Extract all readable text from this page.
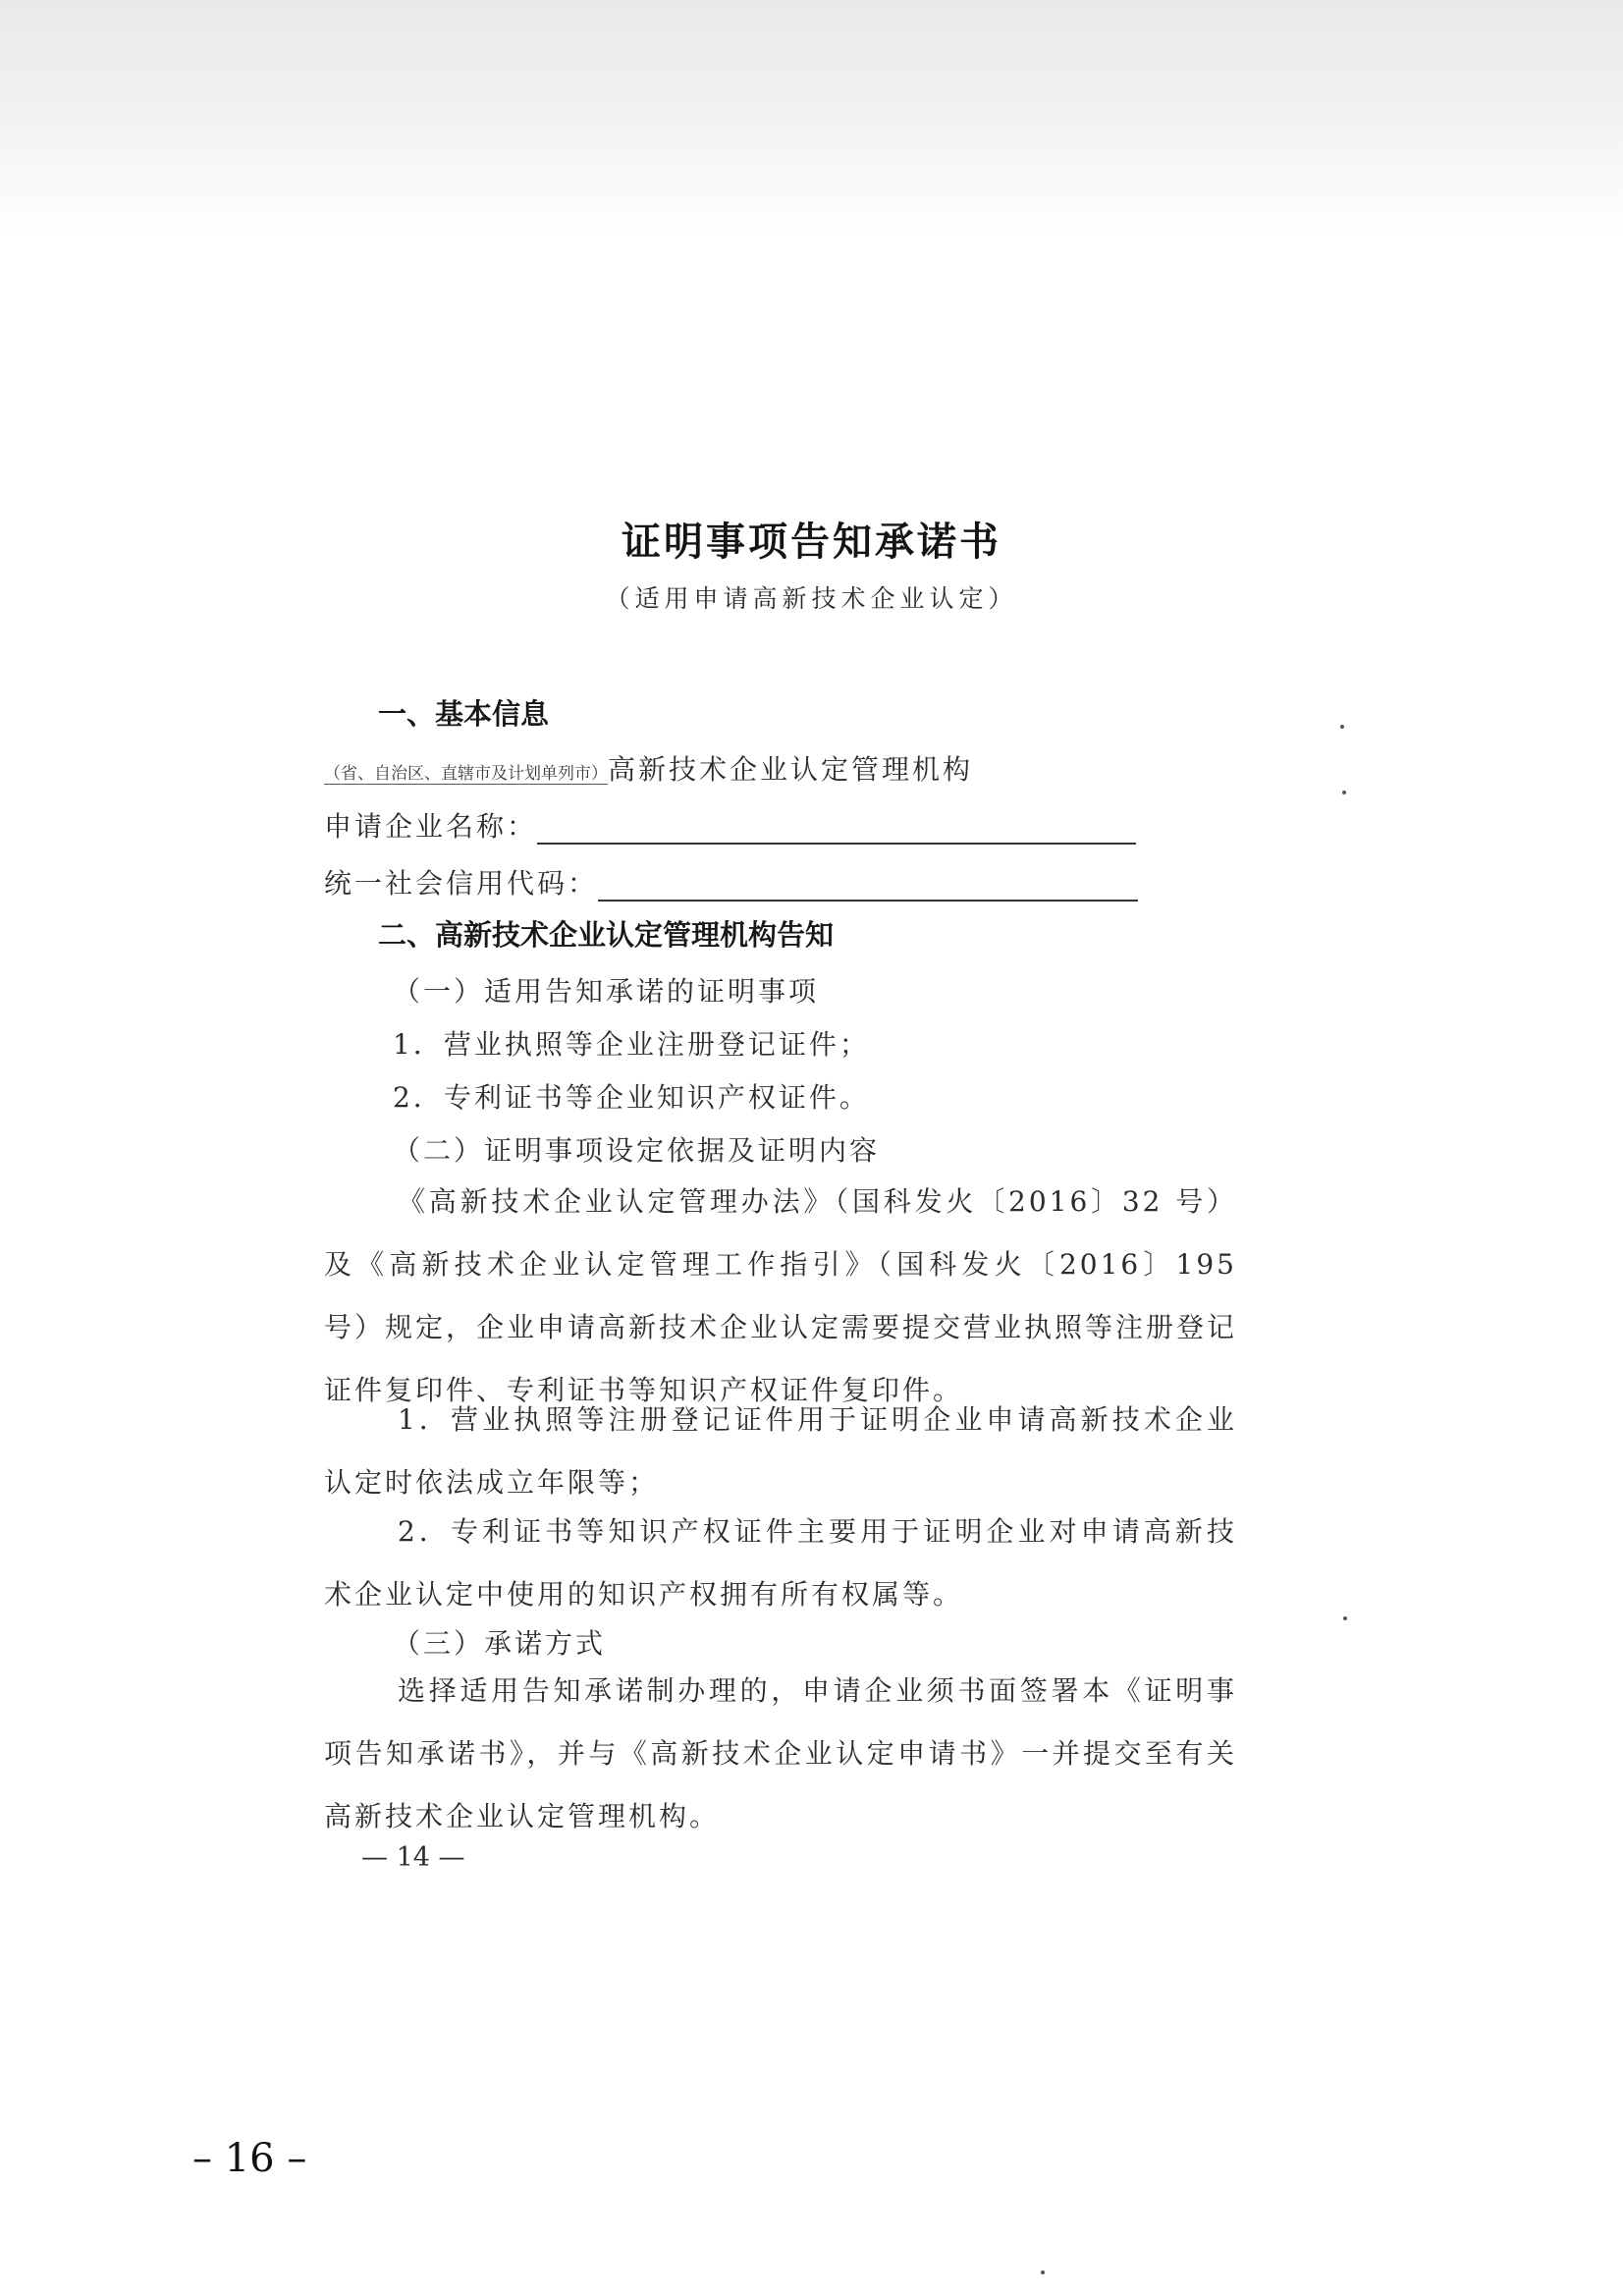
证明事项告知承诺书
（适用申请高新技术企业认定）
一、基本信息
（省、自治区、直辖市及计划单列市）高新技术企业认定管理机构
申请企业名称：
统一社会信用代码：
二、高新技术企业认定管理机构告知
（一）适用告知承诺的证明事项
1．营业执照等企业注册登记证件；
2．专利证书等企业知识产权证件。
（二）证明事项设定依据及证明内容
《高新技术企业认定管理办法》（国科发火〔2016〕32 号）及《高新技术企业认定管理工作指引》（国科发火〔2016〕195 号）规定，企业申请高新技术企业认定需要提交营业执照等注册登记证件复印件、专利证书等知识产权证件复印件。
1．营业执照等注册登记证件用于证明企业申请高新技术企业认定时依法成立年限等；
2．专利证书等知识产权证件主要用于证明企业对申请高新技术企业认定中使用的知识产权拥有所有权属等。
（三）承诺方式
选择适用告知承诺制办理的，申请企业须书面签署本《证明事项告知承诺书》，并与《高新技术企业认定申请书》一并提交至有关高新技术企业认定管理机构。
— 14 —
– 16 –
